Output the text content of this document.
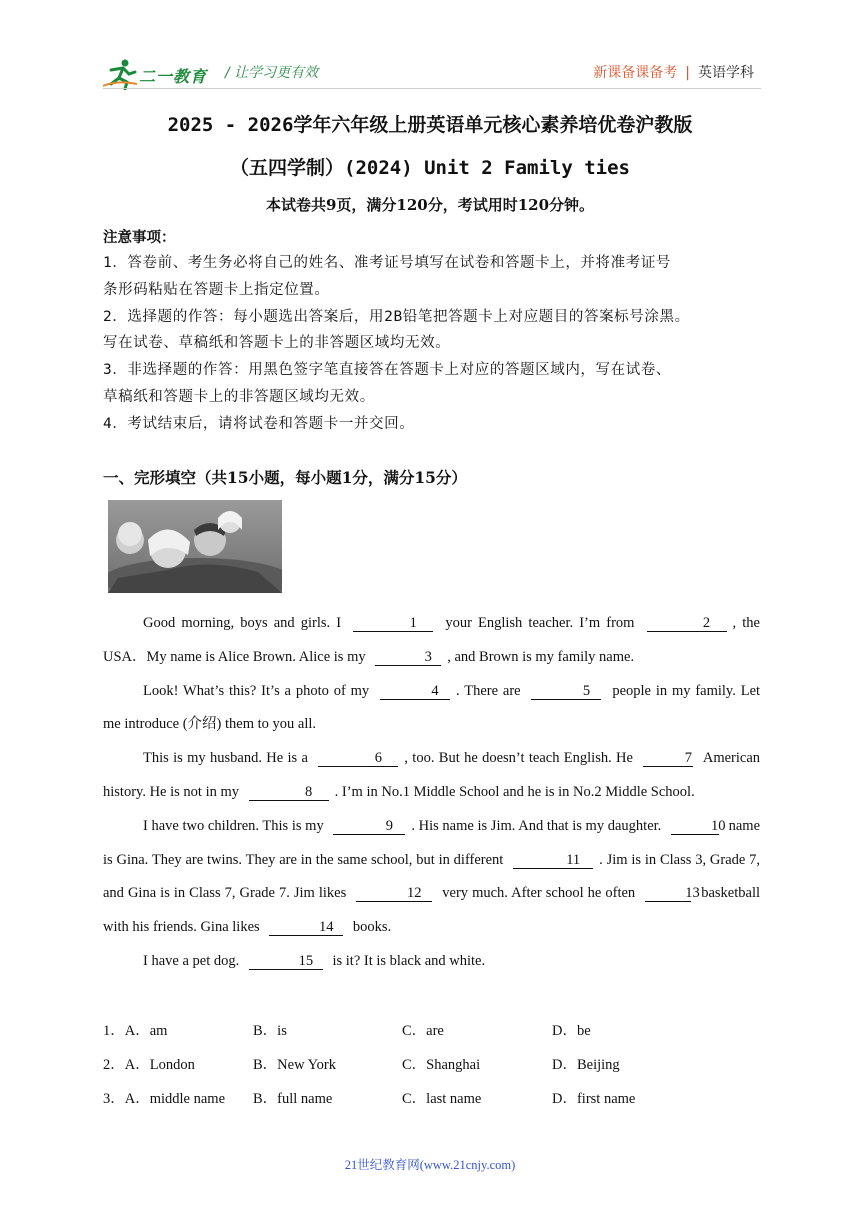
二一教育 / 让学习更有效	新课备课备考 | 英语学科
2025 - 2026学年六年级上册英语单元核心素养培优卷沪教版
（五四学制）(2024) Unit 2 Family ties
本试卷共9页，满分120分，考试用时120分钟。
注意事项：
1．答卷前、考生务必将自己的姓名、准考证号填写在试卷和答题卡上，并将准考证号
条形码粘贴在答题卡上指定位置。
2．选择题的作答：每小题选出答案后，用2B铅笔把答题卡上对应题目的答案标号涂黑。
写在试卷、草稿纸和答题卡上的非答题区域均无效。
3．非选择题的作答：用黑色签字笔直接答在答题卡上对应的答题区域内，写在试卷、
草稿纸和答题卡上的非答题区域均无效。
4．考试结束后，请将试卷和答题卡一并交回。
一、完形填空（共15小题，每小题1分，满分15分）

Good morning, boys and girls. I	1 your English teacher. I’m from	2 , the USA．My name is Alice Brown. Alice is my	3 , and Brown is my family name.

Look! What’s this? It’s a photo of my	4 . There are	5 people in my family. Let me introduce (介绍) them to you all.

This is my husband. He is a	6 , too. But he doesn’t teach English. He	7 American history. He is not in my	8 . I’m in No.1 Middle School and he is in No.2 Middle School.

I have two children. This is my	9 . His name is Jim. And that is my daughter.	10 name is Gina. They are twins. They are in the same school, but in different	11 . Jim is in Class 3, Grade 7, and Gina is in Class 7, Grade 7. Jim likes	12 very much. After school he often	13 basketball with his friends. Gina likes	14 books.

I have a pet dog.	15 is it? It is black and white.

1．A．am	B．is	C．are	D．be
2．A．London	B．New York	C．Shanghai	D．Beijing
3．A．middle name B．full name	C．last name	D．first name
21世纪教育网(www.21cnjy.com)
